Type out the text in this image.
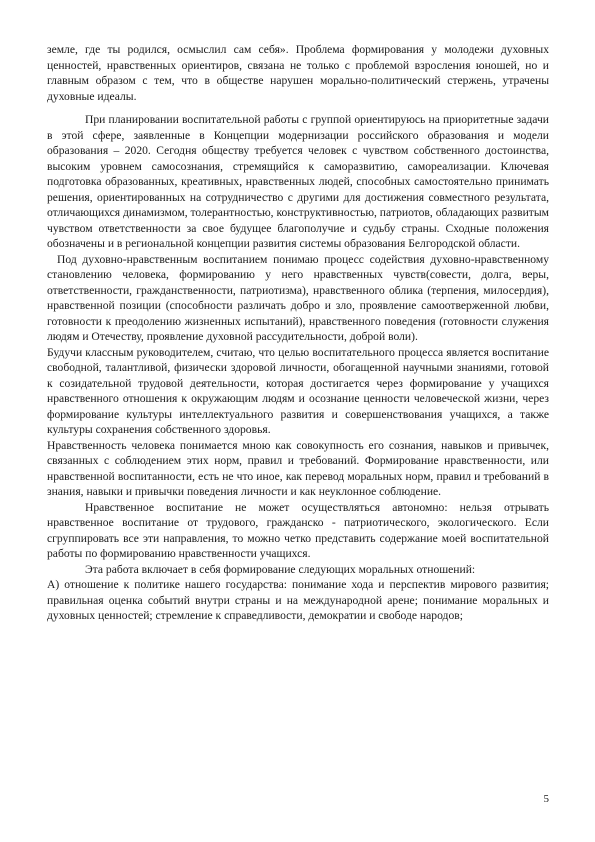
земле, где ты родился, осмыслил сам себя». Проблема формирования у молодежи духовных ценностей, нравственных ориентиров, связана не только с проблемой взросления юношей, но и главным образом с тем, что в обществе нарушен морально-политический стержень, утрачены духовные идеалы.

При планировании воспитательной работы с группой ориентируюсь на приоритетные задачи в этой сфере, заявленные в Концепции модернизации российского образования и модели образования – 2020. Сегодня обществу требуется человек с чувством собственного достоинства, высоким уровнем самосознания, стремящийся к саморазвитию, самореализации. Ключевая подготовка образованных, креативных, нравственных людей, способных самостоятельно принимать решения, ориентированных на сотрудничество с другими для достижения совместного результата, отличающихся динамизмом, толерантностью, конструктивностью, патриотов, обладающих развитым чувством ответственности за свое будущее благополучие и судьбу страны. Сходные положения обозначены и в региональной концепции развития системы образования Белгородской области.

Под духовно-нравственным воспитанием понимаю процесс содействия духовно-нравственному становлению человека, формированию у него нравственных чувств(совести, долга, веры, ответственности, гражданственности, патриотизма), нравственного облика (терпения, милосердия), нравственной позиции (способности различать добро и зло, проявление самоотверженной любви, готовности к преодолению жизненных испытаний), нравственного поведения (готовности служения людям и Отечеству, проявление духовной рассудительности, доброй воли).

Будучи классным руководителем, считаю, что целью воспитательного процесса является воспитание свободной, талантливой, физически здоровой личности, обогащенной научными знаниями, готовой к созидательной трудовой деятельности, которая достигается через формирование у учащихся нравственного отношения к окружающим людям и осознание ценности человеческой жизни, через формирование культуры интеллектуального развития и совершенствования учащихся, а также культуры сохранения собственного здоровья.

Нравственность человека понимается мною как совокупность его сознания, навыков и привычек, связанных с соблюдением этих норм, правил и требований. Формирование нравственности, или нравственной воспитанности, есть не что иное, как перевод моральных норм, правил и требований в знания, навыки и привычки поведения личности и как неуклонное соблюдение.

Нравственное воспитание не может осуществляться автономно: нельзя отрывать нравственное воспитание от трудового, гражданско - патриотического, экологического. Если сгруппировать все эти направления, то можно четко представить содержание моей воспитательной работы по формированию нравственности учащихся.

Эта работа включает в себя формирование следующих моральных отношений:

А) отношение к политике нашего государства: понимание хода и перспектив мирового развития; правильная оценка событий внутри страны и на международной арене; понимание моральных и духовных ценностей; стремление к справедливости, демократии и свободе народов;

5
